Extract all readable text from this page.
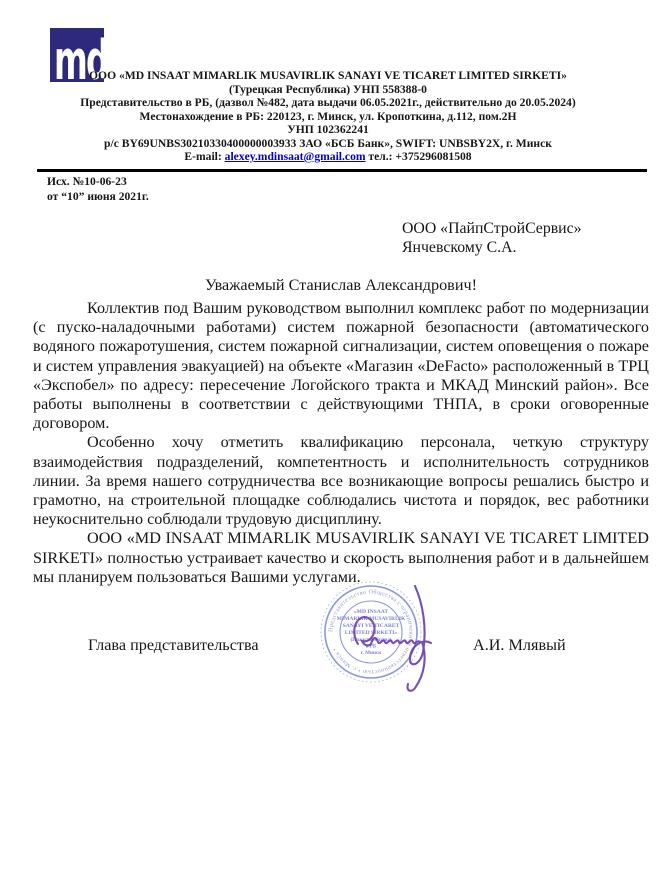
md
ООО «MD INSAAT MIMARLIK MUSAVIRLIK SANAYI VE TICARET LIMITED SIRKETI»
(Турецкая Республика) УНП 558388-0
Представительство в РБ, (дазвол №482, дата выдачи 06.05.2021г., действительно до 20.05.2024)
Местонахождение в РБ: 220123, г. Минск, ул. Кропоткина, д.112, пом.2Н
УНП 102362241
р/с BY69UNBS30210330400000003933 ЗАО «БСБ Банк», SWIFT: UNBSBY2X, г. Минск
E-mail: alexey.mdinsaat@gmail.com тел.: +375296081508
Исх. №10-06-23
от “10” июня 2021г.
ООО «ПайпСтройСервис»
Янчевскому С.А.
Уважаемый Станислав Александрович!

Коллектив под Вашим руководством выполнил комплекс работ по модернизации (с пуско-наладочными работами) систем пожарной безопасности (автоматического водяного пожаротушения, систем пожарной сигнализации, систем оповещения о пожаре и систем управления эвакуацией) на объекте «Магазин «DeFacto» расположенный в ТРЦ «Экспобел» по адресу: пересечение Логойского тракта и МКАД Минский район». Все работы выполнены в соответствии с действующими ТНПА, в сроки оговоренные договором.

Особенно хочу отметить квалификацию персонала, четкую структуру взаимодействия подразделений, компетентность и исполнительность сотрудников линии. За время нашего сотрудничества все возникающие вопросы решались быстро и грамотно, на строительной площадке соблюдались чистота и порядок, вес работники неукоснительно соблюдали трудовую дисциплину.

ООО «MD INSAAT MIMARLIK MUSAVIRLIK SANAYI VE TICARET LIMITED SIRKETI» полностью устраивает качество и скорость выполнения работ и в дальнейшем мы планируем пользоваться Вашими услугами.

Глава представительства	А.И. Млявый
Представительство Общества с ограниченной ответственностью • г. Минск •
«MD INSAAT
MIMARLIK MUSAVIRLIK
SANAYI VE TICARET
LIMITED SIRKETI»
(Прадстаўніцтва)
в РБ
г. Минск
